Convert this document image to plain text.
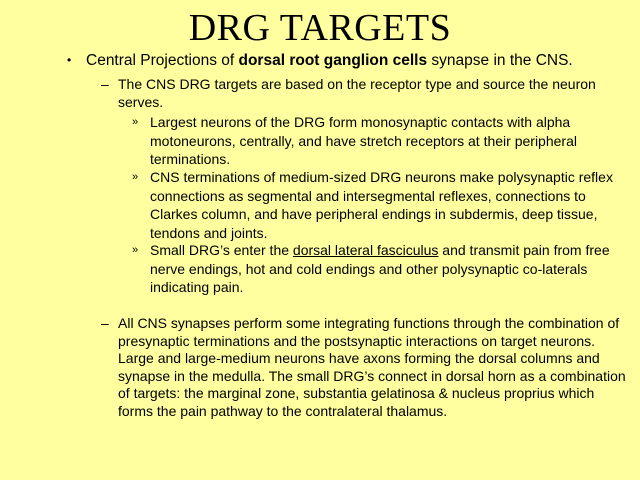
DRG TARGETS
• Central Projections of dorsal root ganglion cells synapse in the CNS.
– The CNS DRG targets are based on the receptor type and source the neuron serves.
» Largest neurons of the DRG form monosynaptic contacts with alpha motoneurons, centrally, and have stretch receptors at their peripheral terminations.
» CNS terminations of medium-sized DRG neurons make polysynaptic reflex connections as segmental and intersegmental reflexes, connections to Clarkes column, and have peripheral endings in subdermis, deep tissue, tendons and joints.
» Small DRG’s enter the dorsal lateral fasciculus and transmit pain from free nerve endings, hot and cold endings and other polysynaptic co-laterals indicating pain.
– All CNS synapses perform some integrating functions through the combination of presynaptic terminations and the postsynaptic interactions on target neurons. Large and large-medium neurons have axons forming the dorsal columns and synapse in the medulla. The small DRG’s connect in dorsal horn as a combination of targets: the marginal zone, substantia gelatinosa & nucleus proprius which forms the pain pathway to the contralateral thalamus.
